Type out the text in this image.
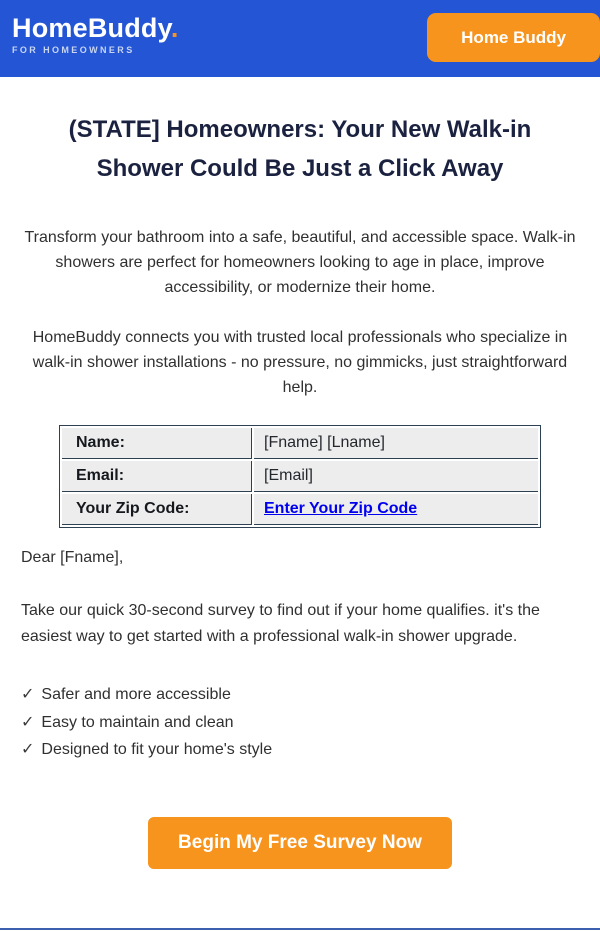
HomeBuddy.
FOR HOMEOWNERS
Home Buddy
(STATE] Homeowners: Your New Walk-in Shower Could Be Just a Click Away

Transform your bathroom into a safe, beautiful, and accessible space. Walk-in showers are perfect for homeowners looking to age in place, improve accessibility, or modernize their home.

HomeBuddy connects you with trusted local professionals who specialize in walk-in shower installations - no pressure, no gimmicks, just straightforward help.

Name:	[Fname] [Lname]
Email:	[Email]
Your Zip Code:	Enter Your Zip Code

Dear [Fname],

Take our quick 30-second survey to find out if your home qualifies. it's the easiest way to get started with a professional walk-in shower upgrade.

✓ Safer and more accessible
✓ Easy to maintain and clean
✓ Designed to fit your home's style
Begin My Free Survey Now
